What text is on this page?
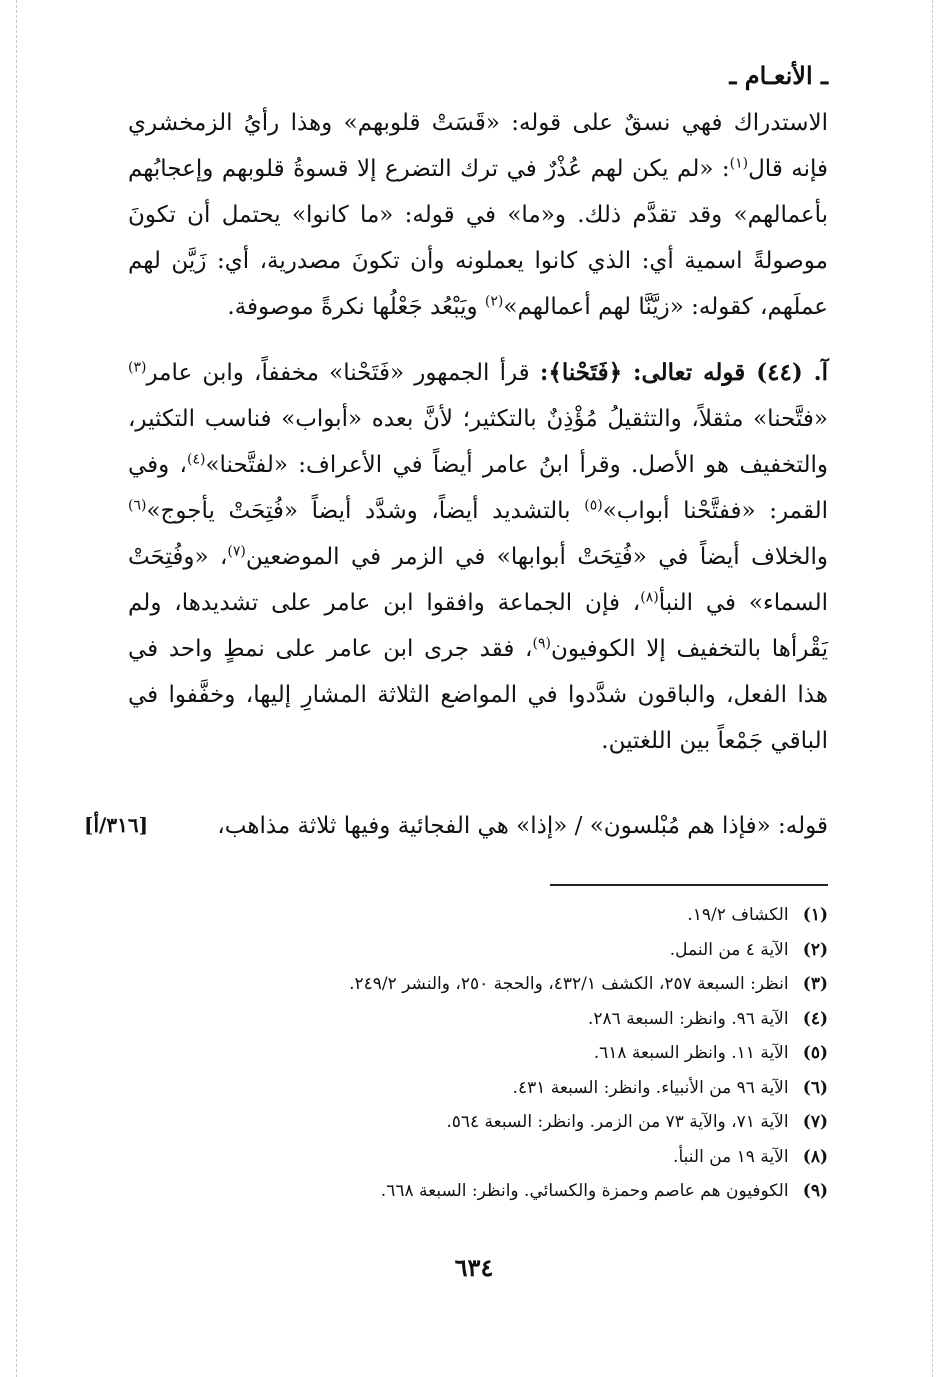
ـ الأنعـام ـ

الاستدراك فهي نسقٌ على قوله: «قَسَتْ قلوبهم» وهذا رأيُ الزمخشري فإنه قال$^{(١)}$: «لم يكن لهم عُذْرٌ في ترك التضرع إلا قسوةُ قلوبهم وإعجابُهم بأعمالهم» وقد تقدَّم ذلك. و«ما» في قوله: «ما كانوا» يحتمل أن تكونَ موصولةً اسمية أي: الذي كانوا يعملونه وأن تكونَ مصدرية، أي: زَيَّن لهم عملَهم، كقوله: «زيَّنَّا لهم أعمالهم»$^{(٢)}$ ويَبْعُد جَعْلُها نكرةً موصوفة.

آ. (٤٤) قوله تعالى: ﴿فَتَحْنا﴾: قرأ الجمهور «فَتَحْنا» مخففاً، وابن عامر$^{(٣)}$ «فتَّحنا» مثقلاً، والتثقيلُ مُؤْذِنٌ بالتكثير؛ لأنَّ بعده «أبواب» فناسب التكثير، والتخفيف هو الأصل. وقرأ ابنُ عامر أيضاً في الأعراف: «لفتَّحنا»$^{(٤)}$، وفي القمر: «ففتَّحْنا أبواب»$^{(٥)}$ بالتشديد أيضاً، وشدَّد أيضاً «فُتِحَتْ يأجوج»$^{(٦)}$ والخلاف أيضاً في «فُتِحَتْ أبوابها» في الزمر في الموضعين$^{(٧)}$، «وفُتِحَتْ السماء» في النبأ$^{(٨)}$، فإن الجماعة وافقوا ابن عامر على تشديدها، ولم يَقْرأها بالتخفيف إلا الكوفيون$^{(٩)}$، فقد جرى ابن عامر على نمطٍ واحد في هذا الفعل، والباقون شدَّدوا في المواضع الثلاثة المشارِ إليها، وخفَّفوا في الباقي جَمْعاً بين اللغتين.

قوله: «فإذا هم مُبْلسون» / «إذا» هي الفجائية وفيها ثلاثة مذاهب،
[٣١٦/أ]
(١) الكشاف ١٩/٢.
(٢) الآية ٤ من النمل.
(٣) انظر: السبعة ٢٥٧، الكشف ٤٣٢/١، والحجة ٢٥٠، والنشر ٢٤٩/٢.
(٤) الآية ٩٦. وانظر: السبعة ٢٨٦.
(٥) الآية ١١. وانظر السبعة ٦١٨.
(٦) الآية ٩٦ من الأنبياء. وانظر: السبعة ٤٣١.
(٧) الآية ٧١، والآية ٧٣ من الزمر. وانظر: السبعة ٥٦٤.
(٨) الآية ١٩ من النبأ.
(٩) الكوفيون هم عاصم وحمزة والكسائي. وانظر: السبعة ٦٦٨.
٦٣٤
